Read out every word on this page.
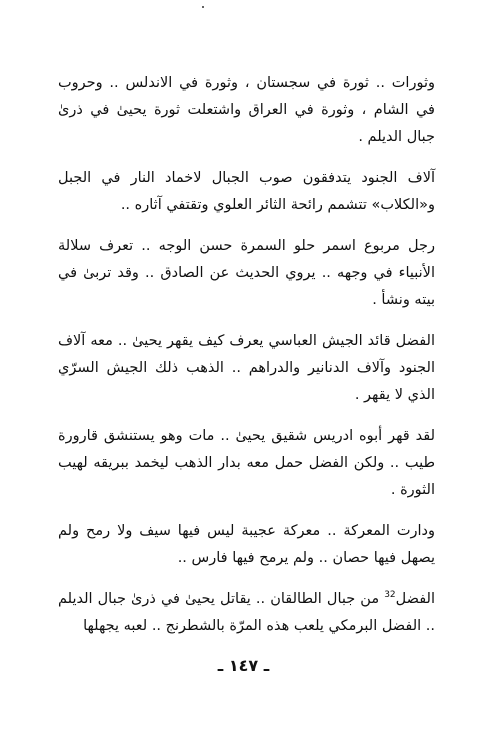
وثورات .. ثورة في سجستان ، وثورة في الاندلس .. وحروب في الشام ، وثورة في العراق واشتعلت ثورة يحيىٰ في ذرىٰ جبال الديلم .

آلاف الجنود يتدفقون صوب الجبال لاخماد النار في الجبل و«الكلاب» تتشمم رائحة الثائر العلوي وتقتفي آثاره ..

رجل مربوع اسمر حلو السمرة حسن الوجه .. تعرف سلالة الأنبياء في وجهه .. يروي الحديث عن الصادق .. وقد تربىٰ في بيته ونشأ .

الفضل قائد الجيش العباسي يعرف كيف يقهر يحيىٰ .. معه آلاف الجنود وآلاف الدنانير والدراهم .. الذهب ذلك الجيش السرّي الذي لا يقهر .

لقد قهر أبوه ادريس شقيق يحيىٰ .. مات وهو يستنشق قارورة طيب .. ولكن الفضل حمل معه بدار الذهب ليخمد ببريقه لهيب الثورة .

ودارت المعركة .. معركة عجيبة ليس فيها سيف ولا رمح ولم يصهل فيها حصان .. ولم يرمح فيها فارس ..

الفضل$^{32}$ من جبال الطالقان .. يقاتل يحيىٰ في ذرىٰ جبال الديلم .. الفضل البرمكي يلعب هذه المرّة بالشطرنج .. لعبه يجهلها

ـ ١٤٧ ـ
